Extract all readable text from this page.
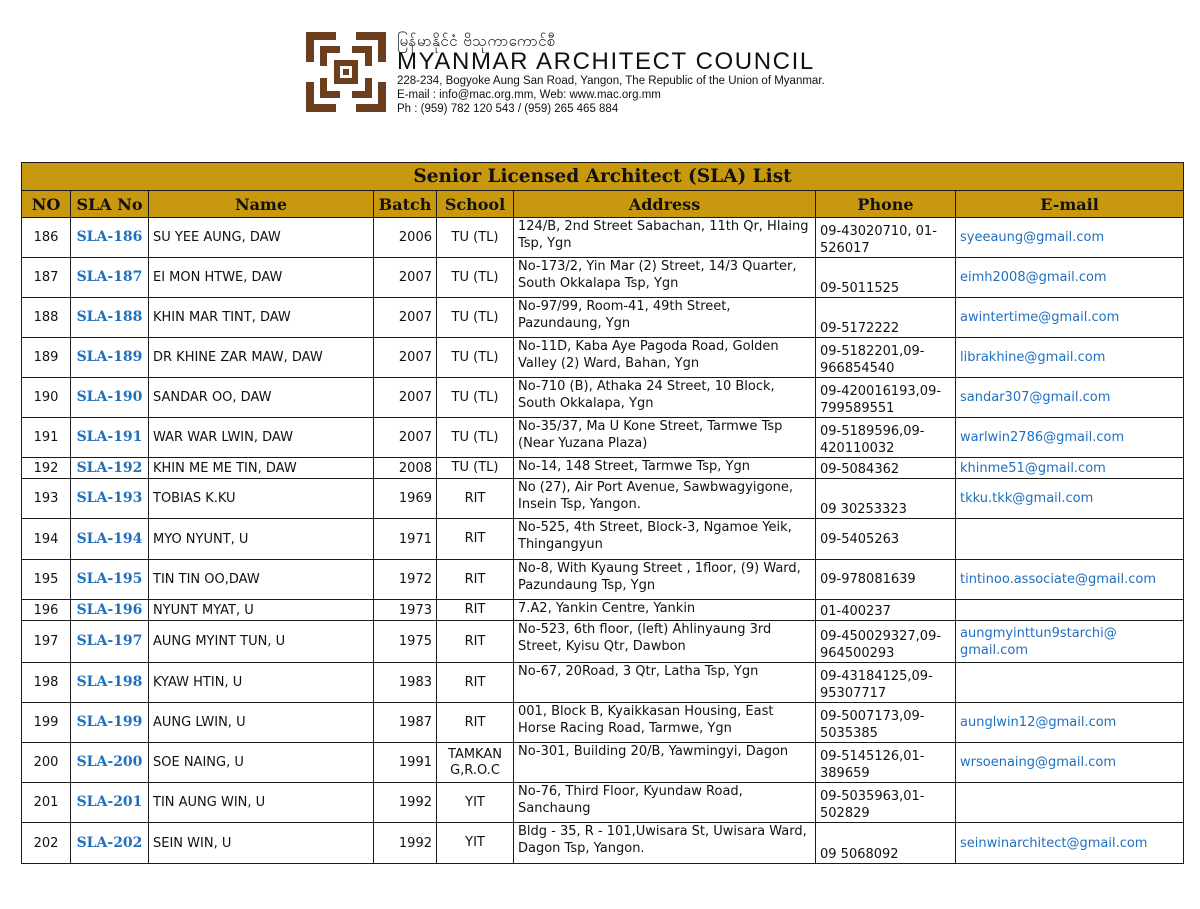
မြန်မာနိုင်ငံ ဗိသုကာကောင်စီ
MYANMAR ARCHITECT COUNCIL
228-234, Bogyoke Aung San Road, Yangon, The Republic of the Union of Myanmar.
E-mail : info@mac.org.mm, Web: www.mac.org.mm
Ph : (959) 782 120 543 / (959) 265 465 884
Senior Licensed Architect (SLA) List							
NO	SLA No	Name	Batch	School	Address	Phone	E-mail
186	SLA-186	SU YEE AUNG, DAW	2006	TU (TL)	124/B, 2nd Street Sabachan, 11th Qr, Hlaing Tsp, Ygn	09-43020710, 01-526017	syeeaung@gmail.com
187	SLA-187	EI MON HTWE, DAW	2007	TU (TL)	No-173/2, Yin Mar (2) Street, 14/3 Quarter, South Okkalapa Tsp, Ygn	09-5011525	eimh2008@gmail.com
188	SLA-188	KHIN MAR TINT, DAW	2007	TU (TL)	No-97/99, Room-41, 49th Street, Pazundaung, Ygn	09-5172222	awintertime@gmail.com
189	SLA-189	DR KHINE ZAR MAW, DAW	2007	TU (TL)	No-11D, Kaba Aye Pagoda Road, Golden Valley (2) Ward, Bahan, Ygn	09-5182201,09-966854540	librakhine@gmail.com
190	SLA-190	SANDAR OO, DAW	2007	TU (TL)	No-710 (B), Athaka 24 Street, 10 Block, South Okkalapa, Ygn	09-420016193,09-799589551	sandar307@gmail.com
191	SLA-191	WAR WAR LWIN, DAW	2007	TU (TL)	No-35/37, Ma U Kone Street, Tarmwe Tsp (Near Yuzana Plaza)	09-5189596,09-420110032	warlwin2786@gmail.com
192	SLA-192	KHIN ME ME TIN, DAW	2008	TU (TL)	No-14, 148 Street, Tarmwe Tsp, Ygn	09-5084362	khinme51@gmail.com
193	SLA-193	TOBIAS K.KU	1969	RIT	No (27), Air Port Avenue, Sawbwagyigone, Insein Tsp, Yangon.	09 30253323	tkku.tkk@gmail.com
194	SLA-194	MYO NYUNT, U	1971	RIT	No-525, 4th Street, Block-3, Ngamoe Yeik, Thingangyun	09-5405263	
195	SLA-195	TIN TIN OO,DAW	1972	RIT	No-8, With Kyaung Street , 1floor, (9) Ward, Pazundaung Tsp, Ygn	09-978081639	tintinoo.associate@gmail.com
196	SLA-196	NYUNT MYAT, U	1973	RIT	7.A2, Yankin Centre, Yankin	01-400237	
197	SLA-197	AUNG MYINT TUN, U	1975	RIT	No-523, 6th floor, (left) Ahlinyaung 3rd Street, Kyisu Qtr, Dawbon	09-450029327,09-964500293	aungmyinttun9starchi@ gmail.com
198	SLA-198	KYAW HTIN, U	1983	RIT	No-67, 20Road, 3 Qtr, Latha Tsp, Ygn	09-43184125,09-95307717	
199	SLA-199	AUNG LWIN, U	1987	RIT	001, Block B, Kyaikkasan Housing, East Horse Racing Road, Tarmwe, Ygn	09-5007173,09-5035385	aunglwin12@gmail.com
200	SLA-200	SOE NAING, U	1991	TAMKAN G,R.O.C	No-301, Building 20/B, Yawmingyi, Dagon	09-5145126,01-389659	wrsoenaing@gmail.com
201	SLA-201	TIN AUNG WIN, U	1992	YIT	No-76, Third Floor, Kyundaw Road, Sanchaung	09-5035963,01-502829	
202	SLA-202	SEIN WIN, U	1992	YIT	Bldg - 35, R - 101,Uwisara St, Uwisara Ward, Dagon Tsp, Yangon.	09 5068092	seinwinarchitect@gmail.com
